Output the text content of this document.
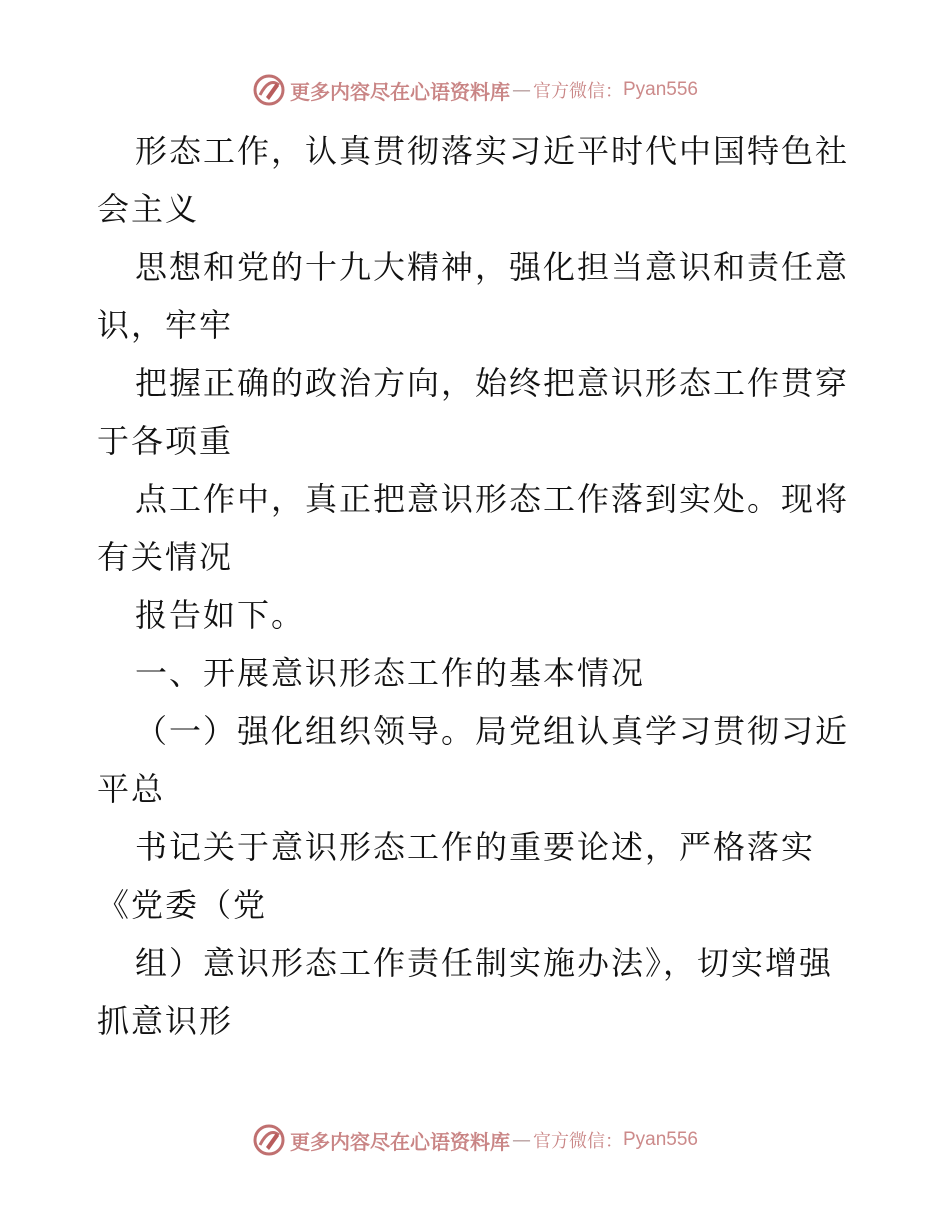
更多内容尽在心语资料库 — 官方微信： Pyan556
形态工作，认真贯彻落实习近平时代中国特色社
会主义
思想和党的十九大精神，强化担当意识和责任意
识，牢牢
把握正确的政治方向，始终把意识形态工作贯穿
于各项重
点工作中，真正把意识形态工作落到实处。现将
有关情况
报告如下。
一、开展意识形态工作的基本情况
（一）强化组织领导。局党组认真学习贯彻习近
平总
书记关于意识形态工作的重要论述，严格落实
《党委（党
组）意识形态工作责任制实施办法》，切实增强
抓意识形
更多内容尽在心语资料库 — 官方微信： Pyan556
